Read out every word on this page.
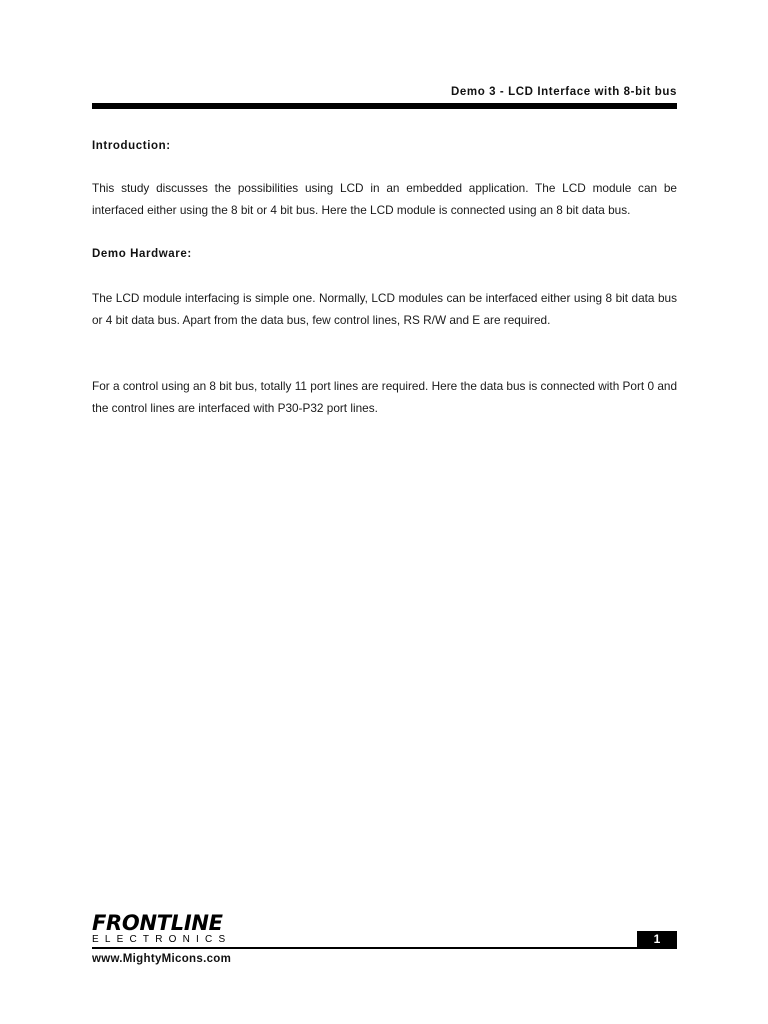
Demo 3 - LCD Interface with 8-bit bus
Introduction:

This study discusses the possibilities using LCD in an embedded application. The LCD module can be interfaced either using the 8 bit or 4 bit bus. Here the LCD module is connected using an 8 bit data bus.

Demo Hardware:

The LCD module interfacing is simple one. Normally, LCD modules can be interfaced either using 8 bit data bus or 4 bit data bus. Apart from the data bus, few control lines, RS R/W and E are required.

For a control using an 8 bit bus, totally 11 port lines are required. Here the data bus is connected with Port 0 and the control lines are interfaced with P30-P32 port lines.

FRONTLINE
ELECTRONICS	1
www.MightyMicons.com
